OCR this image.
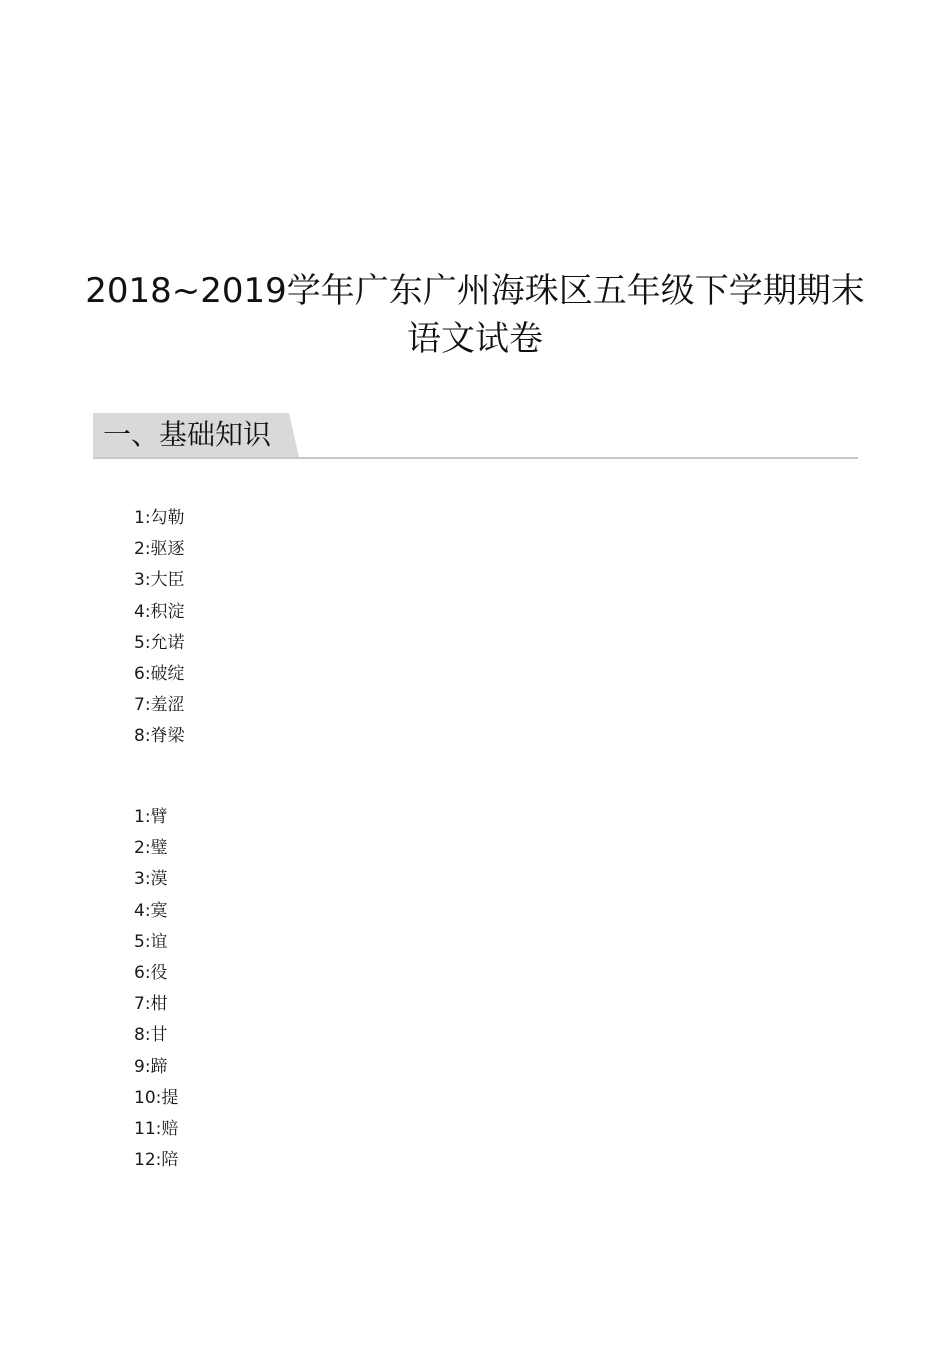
2018~2019学年广东广州海珠区五年级下学期期末
语文试卷
一、基础知识
1:勾勒
2:驱逐
3:大臣
4:积淀
5:允诺
6:破绽
7:羞涩
8:脊梁
1:臂
2:璧
3:漠
4:寞
5:谊
6:役
7:柑
8:甘
9:蹄
10:提
11:赔
12:陪
